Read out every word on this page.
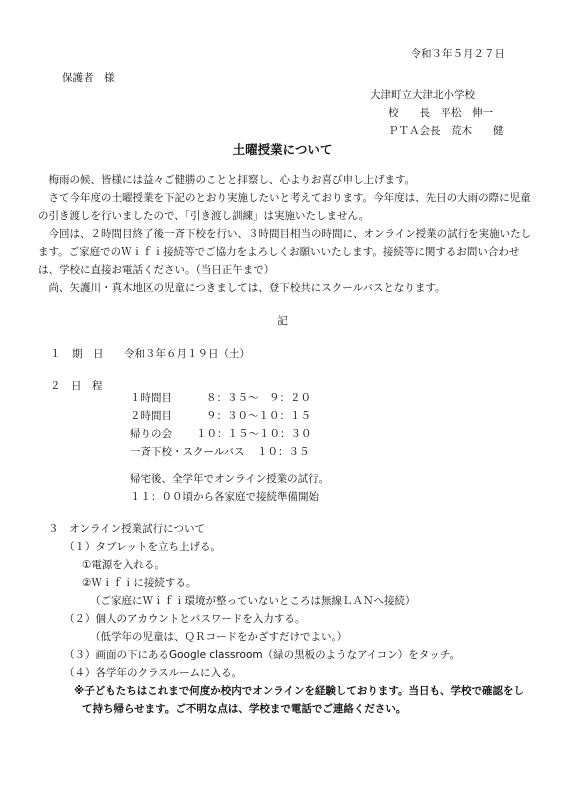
令和３年５月２７日
保護者　様
大津町立大津北小学校
校　　長　平松　伸一
ＰＴＡ会長　荒木　　健
土曜授業について

　梅雨の候、皆様には益々ご健勝のことと拝察し、心よりお喜び申し上げます。

　さて今年度の土曜授業を下記のとおり実施したいと考えております。今年度は、先日の大雨の際に児童の引き渡しを行いましたので、「引き渡し訓練」は実施いたしません。

　今回は、２時間目終了後一斉下校を行い、３時間目相当の時間に、オンライン授業の試行を実施いたします。ご家庭でのＷｉｆｉ接続等でご協力をよろしくお願いいたします。接続等に関するお問い合わせは、学校に直接お電話ください。（当日正午まで）

　尚、矢護川・真木地区の児童につきましては、登下校共にスクールバスとなります。

記
１ 期　日 令和３年６月１９日（土）
２　日　程
１時間目	８：３５～　９：２０
２時間目	９：３０～１０：１５
帰りの会 １０：１５～１０：３０
一斉下校・スクールバス １０：３５
帰宅後、全学年でオンライン授業の試行。
１１：００頃から各家庭で接続準備開始
３　オンライン授業試行について
（１）タブレットを立ち上げる。
①電源を入れる。
②Ｗｉｆｉに接続する。
（ご家庭にＷｉｆｉ環境が整っていないところは無線ＬＡＮへ接続）
（２）個人のアカウントとパスワードを入力する。
（低学年の児童は、ＱＲコードをかざすだけでよい。）
（３）画面の下にあるGoogle classroom（緑の黒板のようなアイコン）をタッチ。
（４）各学年のクラスルームに入る。
※子どもたちはこれまで何度か校内でオンラインを経験しております。当日も、学校で確認をし
て持ち帰らせます。ご不明な点は、学校まで電話でご連絡ください。
